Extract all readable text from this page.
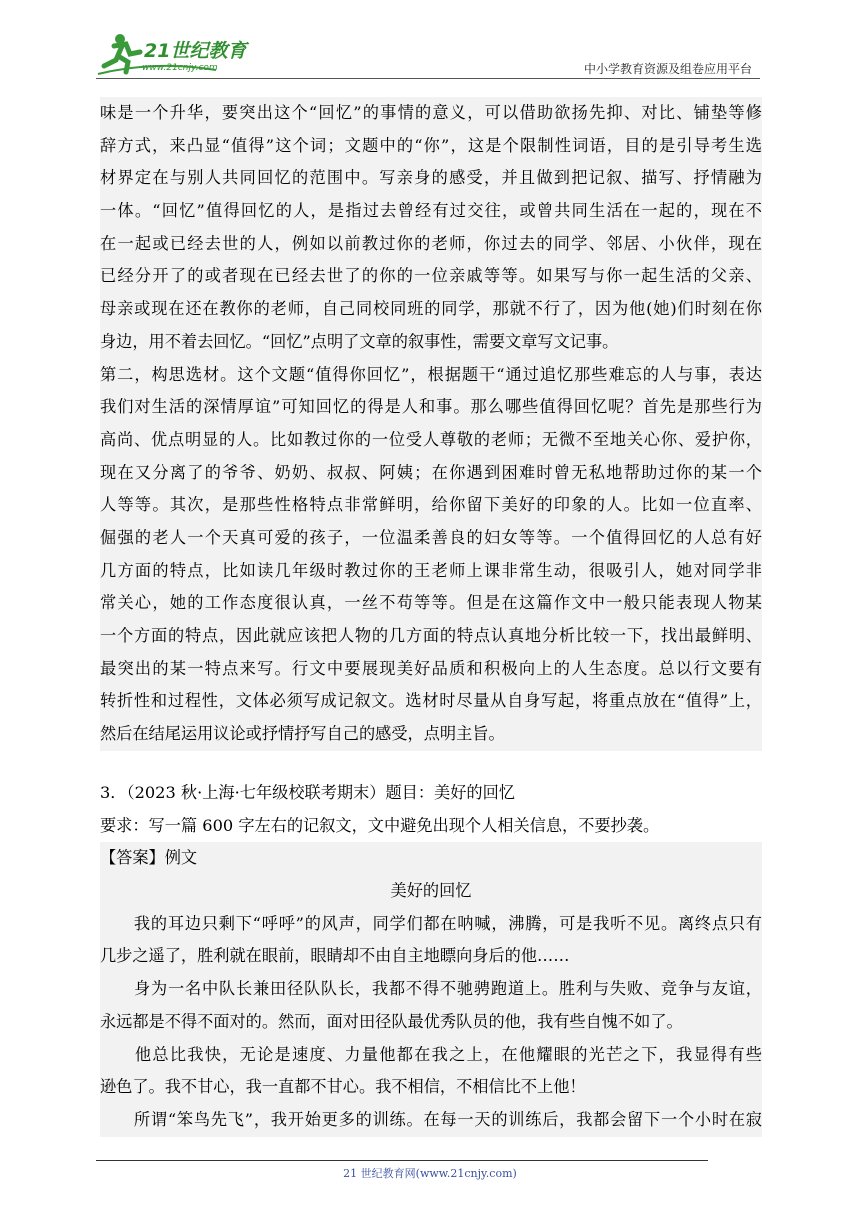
21世纪教育
www.21cnjy.com	中小学教育资源及组卷应用平台
味是一个升华，要突出这个“回忆”的事情的意义，可以借助欲扬先抑、对比、铺垫等修
辞方式，来凸显“值得”这个词；文题中的“你”，这是个限制性词语，目的是引导考生选
材界定在与别人共同回忆的范围中。写亲身的感受，并且做到把记叙、描写、抒情融为
一体。“回忆”值得回忆的人，是指过去曾经有过交往，或曾共同生活在一起的，现在不
在一起或已经去世的人，例如以前教过你的老师，你过去的同学、邻居、小伙伴，现在
已经分开了的或者现在已经去世了的你的一位亲戚等等。如果写与你一起生活的父亲、
母亲或现在还在教你的老师，自己同校同班的同学，那就不行了，因为他(她)们时刻在你
身边，用不着去回忆。“回忆”点明了文章的叙事性，需要文章写文记事。
第二，构思选材。这个文题“值得你回忆”，根据题干“通过追忆那些难忘的人与事，表达
我们对生活的深情厚谊”可知回忆的得是人和事。那么哪些值得回忆呢？首先是那些行为
高尚、优点明显的人。比如教过你的一位受人尊敬的老师；无微不至地关心你、爱护你，
现在又分离了的爷爷、奶奶、叔叔、阿姨；在你遇到困难时曾无私地帮助过你的某一个
人等等。其次，是那些性格特点非常鲜明，给你留下美好的印象的人。比如一位直率、
倔强的老人一个天真可爱的孩子，一位温柔善良的妇女等等。一个值得回忆的人总有好
几方面的特点，比如读几年级时教过你的王老师上课非常生动，很吸引人，她对同学非
常关心，她的工作态度很认真，一丝不苟等等。但是在这篇作文中一般只能表现人物某
一个方面的特点，因此就应该把人物的几方面的特点认真地分析比较一下，找出最鲜明、
最突出的某一特点来写。行文中要展现美好品质和积极向上的人生态度。总以行文要有
转折性和过程性，文体必须写成记叙文。选材时尽量从自身写起，将重点放在“值得”上，
然后在结尾运用议论或抒情抒写自己的感受，点明主旨。
3．（2023 秋·上海·七年级校联考期末）题目：美好的回忆
要求：写一篇 600 字左右的记叙文，文中避免出现个人相关信息，不要抄袭。
【答案】例文
美好的回忆
　　我的耳边只剩下“呼呼”的风声，同学们都在呐喊，沸腾，可是我听不见。离终点只有
几步之遥了，胜利就在眼前，眼睛却不由自主地瞟向身后的他……
　　身为一名中队长兼田径队队长，我都不得不驰骋跑道上。胜利与失败、竞争与友谊，
永远都是不得不面对的。然而，面对田径队最优秀队员的他，我有些自愧不如了。
　　他总比我快，无论是速度、力量他都在我之上，在他耀眼的光芒之下，我显得有些
逊色了。我不甘心，我一直都不甘心。我不相信，不相信比不上他！
　　所谓“笨鸟先飞”，我开始更多的训练。在每一天的训练后，我都会留下一个小时在寂
21 世纪教育网(www.21cnjy.com)
